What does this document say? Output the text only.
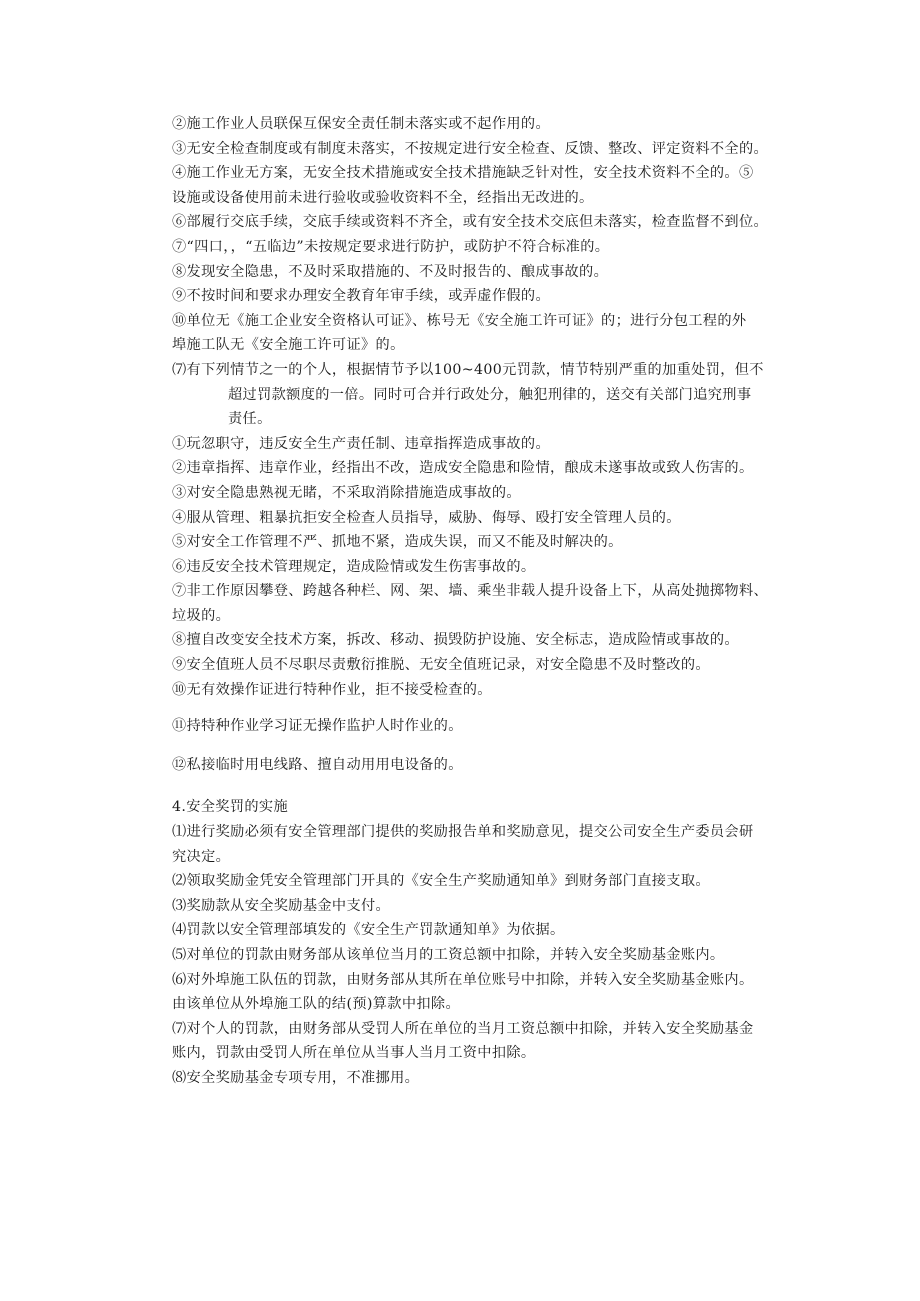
②施工作业人员联保互保安全责任制未落实或不起作用的。
③无安全检查制度或有制度未落实，不按规定进行安全检查、反馈、整改、评定资料不全的。
④施工作业无方案，无安全技术措施或安全技术措施缺乏针对性，安全技术资料不全的。⑤
设施或设备使用前未进行验收或验收资料不全，经指出无改进的。
⑥部履行交底手续，交底手续或资料不齐全，或有安全技术交底但未落实，检查监督不到位。
⑦“四口，，“五临边”未按规定要求进行防护，或防护不符合标准的。
⑧发现安全隐患，不及时采取措施的、不及时报告的、酿成事故的。
⑨不按时间和要求办理安全教育年审手续，或弄虚作假的。
⑩单位无《施工企业安全资格认可证》、栋号无《安全施工许可证》的；进行分包工程的外
埠施工队无《安全施工许可证》的。
⑺有下列情节之一的个人，根据情节予以100~400元罚款，情节特别严重的加重处罚，但不
超过罚款额度的一倍。同时可合并行政处分，触犯刑律的，送交有关部门追究刑事
责任。
①玩忽职守，违反安全生产责任制、违章指挥造成事故的。
②违章指挥、违章作业，经指出不改，造成安全隐患和险情，酿成未遂事故或致人伤害的。
③对安全隐患熟视无睹，不采取消除措施造成事故的。
④服从管理、粗暴抗拒安全检查人员指导，威胁、侮辱、殴打安全管理人员的。
⑤对安全工作管理不严、抓地不紧，造成失误，而又不能及时解决的。
⑥违反安全技术管理规定，造成险情或发生伤害事故的。
⑦非工作原因攀登、跨越各种栏、网、架、墙、乘坐非载人提升设备上下，从高处抛掷物料、
垃圾的。
⑧擅自改变安全技术方案，拆改、移动、损毁防护设施、安全标志，造成险情或事故的。
⑨安全值班人员不尽职尽责敷衍推脱、无安全值班记录，对安全隐患不及时整改的。
⑩无有效操作证进行特种作业，拒不接受检查的。
⑪持特种作业学习证无操作监护人时作业的。
⑫私接临时用电线路、擅自动用用电设备的。
4.安全奖罚的实施
⑴进行奖励必须有安全管理部门提供的奖励报告单和奖励意见，提交公司安全生产委员会研
究决定。
⑵领取奖励金凭安全管理部门开具的《安全生产奖励通知单》到财务部门直接支取。
⑶奖励款从安全奖励基金中支付。
⑷罚款以安全管理部填发的《安全生产罚款通知单》为依据。
⑸对单位的罚款由财务部从该单位当月的工资总额中扣除，并转入安全奖励基金账内。
⑹对外埠施工队伍的罚款，由财务部从其所在单位账号中扣除，并转入安全奖励基金账内。
由该单位从外埠施工队的结(预)算款中扣除。
⑺对个人的罚款，由财务部从受罚人所在单位的当月工资总额中扣除，并转入安全奖励基金
账内，罚款由受罚人所在单位从当事人当月工资中扣除。
⑻安全奖励基金专项专用，不准挪用。
